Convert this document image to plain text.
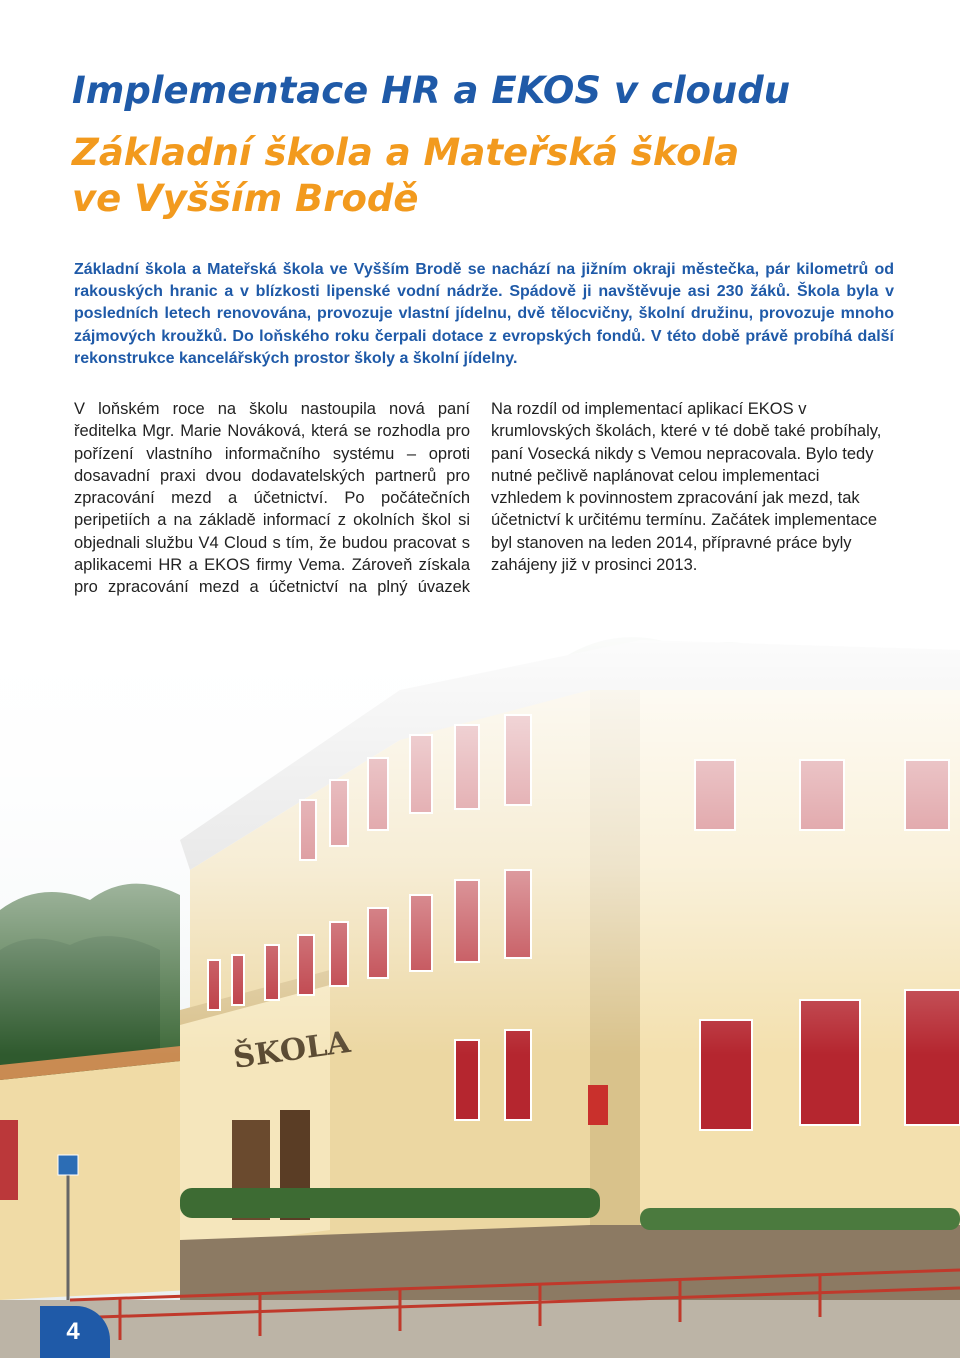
Implementace HR a EKOS v cloudu
Základní škola a Mateřská škola
ve Vyšším Brodě

Základní škola a Mateřská škola ve Vyšším Brodě se nachází na jižním okraji městečka, pár kilometrů od rakouských hranic a v blízkosti lipenské vodní nádrže. Spádově ji navštěvuje asi 230 žáků. Škola byla v posledních letech renovována, provozuje vlastní jídelnu, dvě tělocvičny, školní družinu, provozuje mnoho zájmových kroužků. Do loňského roku čerpali dotace z evropských fondů. V této době právě probíhá další rekonstrukce kancelářských prostor školy a školní jídelny.

V loňském roce na školu nastoupila nová paní ředitelka Mgr. Marie Nováková, která se rozhodla pro pořízení vlastního informačního systému – oproti dosavadní praxi dvou dodavatelských partnerů pro zpracování mezd a účetnictví. Po počátečních peripetiích a na základě informací z okolních škol si objednali službu V4 Cloud s tím, že budou pracovat s aplikacemi HR a EKOS firmy Vema. Zároveň získala pro zpracování mezd a účetnictví na plný úvazek

Na rozdíl od implementací aplikací EKOS v krumlovských školách, které v té době také probíhaly, paní Vosecká nikdy s Vemou nepracovala. Bylo tedy nutné pečlivě naplánovat celou implementaci vzhledem k povinnostem zpracování jak mezd, tak účetnictví k určitému termínu. Začátek implementace byl stanoven na leden 2014, přípravné práce byly zahájeny již v prosinci 2013.

4
